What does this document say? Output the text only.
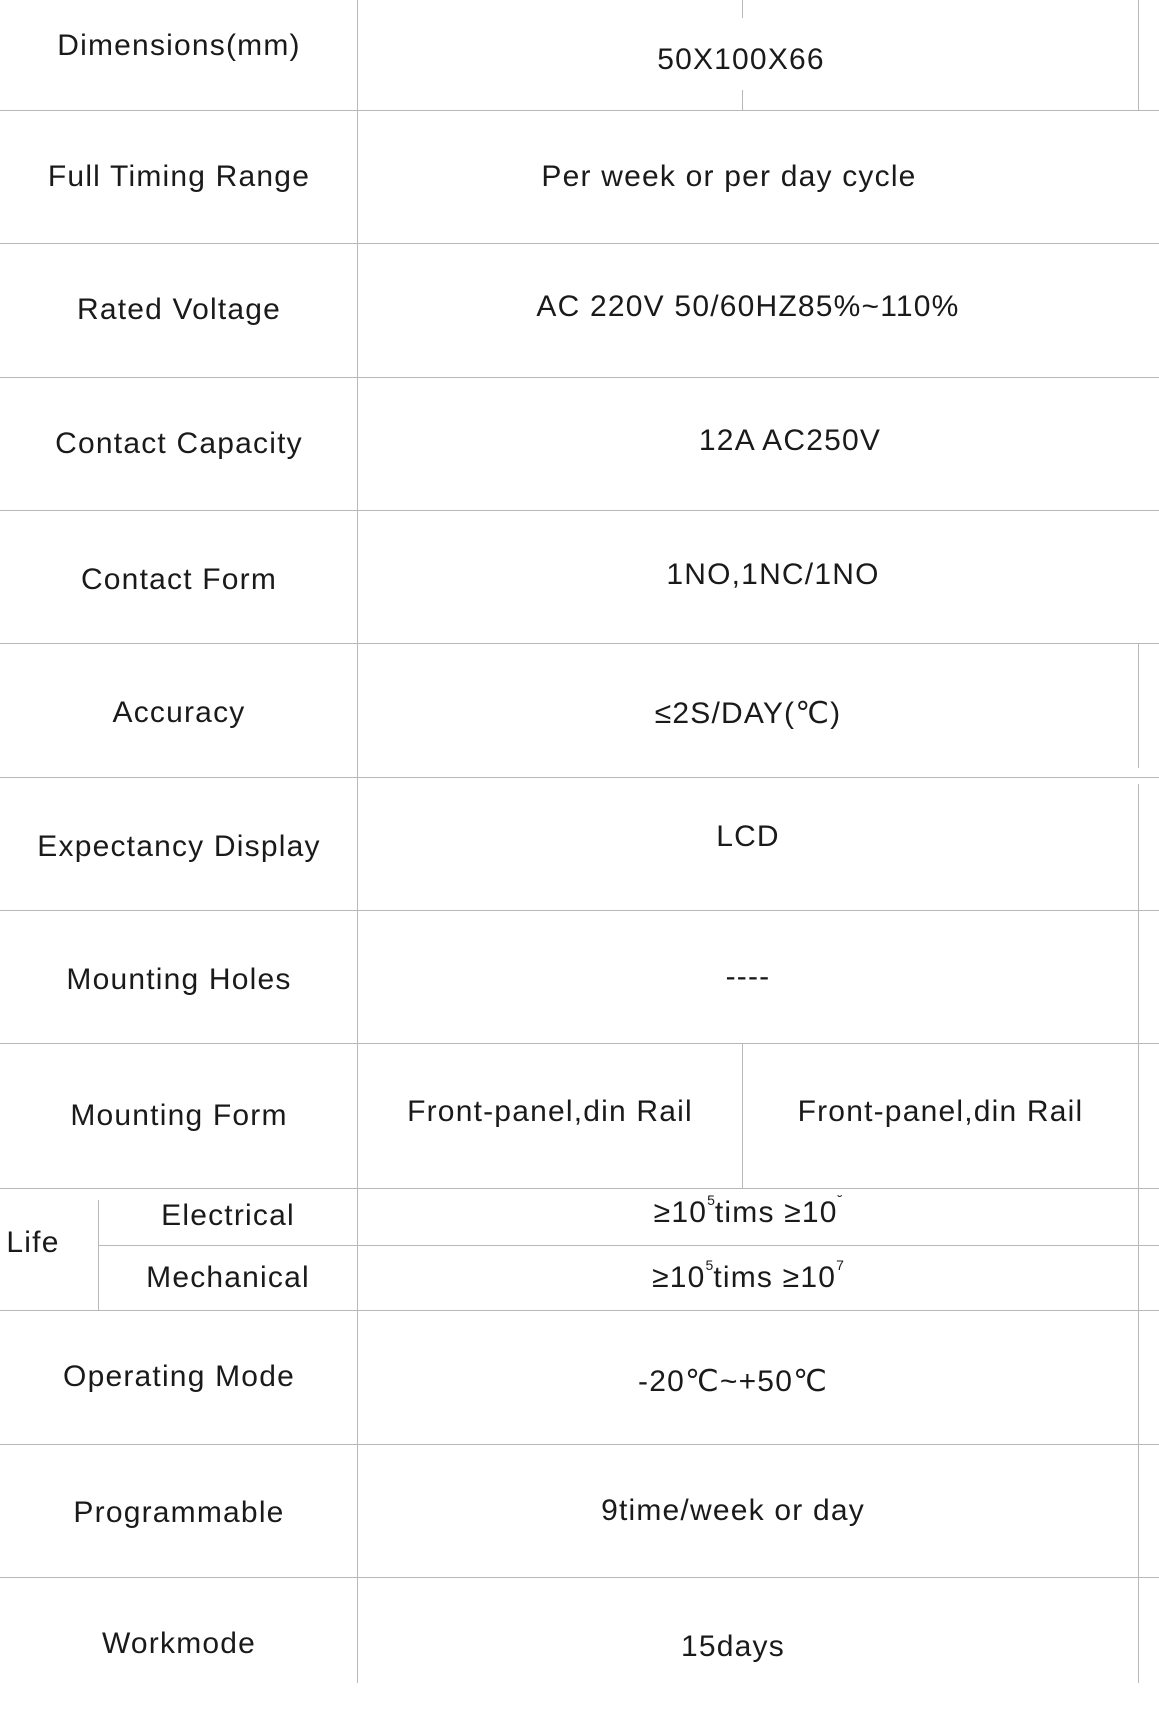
Dimensions(mm)	50X100X66
Full Timing Range	Per week or per day cycle
Rated Voltage	AC 220V 50/60HZ85%~110%
Contact Capacity	12A AC250V
Contact Form	1NO,1NC/1NO
Accuracy	≤2S/DAY(℃)
Expectancy Display	LCD
Mounting Holes	----
Mounting Form	Front-panel,din Rail	Front-panel,din Rail
Life
Electrical	$\ge 10^5tims \ge 10^˘$
Mechanical	$\ge 10^5tims \ge 10^7$
Operating Mode	-20℃~+50℃
Programmable	9time/week or day
Workmode	15days
